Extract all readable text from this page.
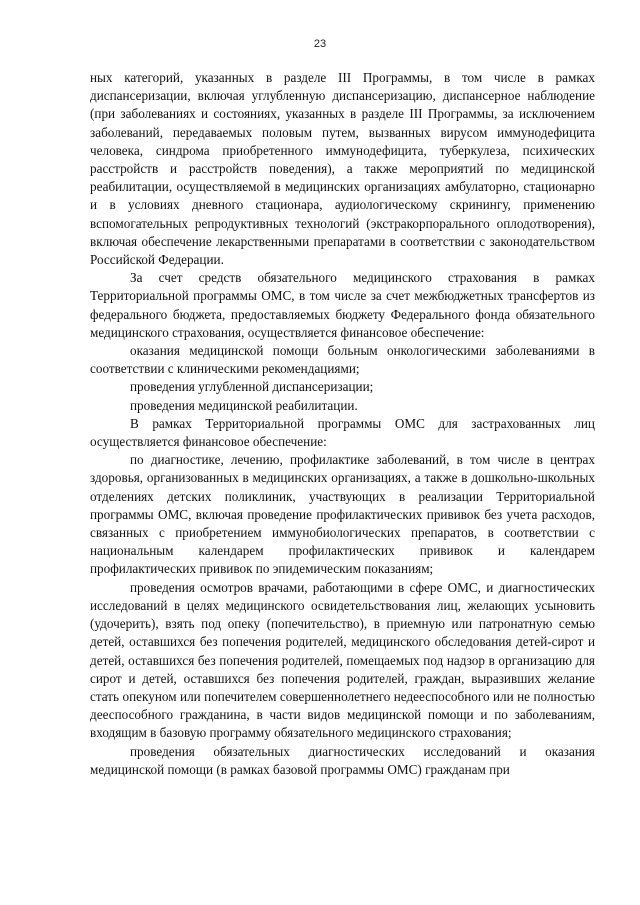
23

ных категорий, указанных в разделе III Программы, в том числе в рамках диспансеризации, включая углубленную диспансеризацию, диспансерное наблюдение (при заболеваниях и состояниях, указанных в разделе III Программы, за исключением заболеваний, передаваемых половым путем, вызванных вирусом иммунодефицита человека, синдрома приобретенного иммунодефицита, туберкулеза, психических расстройств и расстройств поведения), а также мероприятий по медицинской реабилитации, осуществляемой в медицинских организациях амбулаторно, стационарно и в условиях дневного стационара, аудиологическому скринингу, применению вспомогательных репродуктивных технологий (экстракорпорального оплодотворения), включая обеспечение лекарственными препаратами в соответствии с законодательством Российской Федерации.

За счет средств обязательного медицинского страхования в рамках Территориальной программы ОМС, в том числе за счет межбюджетных трансфертов из федерального бюджета, предоставляемых бюджету Федерального фонда обязательного медицинского страхования, осуществляется финансовое обеспечение:

оказания медицинской помощи больным онкологическими заболеваниями в соответствии с клиническими рекомендациями;

проведения углубленной диспансеризации;

проведения медицинской реабилитации.

В рамках Территориальной программы ОМС для застрахованных лиц осуществляется финансовое обеспечение:

по диагностике, лечению, профилактике заболеваний, в том числе в центрах здоровья, организованных в медицинских организациях, а также в дошкольно-школьных отделениях детских поликлиник, участвующих в реализации Территориальной программы ОМС, включая проведение профилактических прививок без учета расходов, связанных с приобретением иммунобиологических препаратов, в соответствии с национальным календарем профилактических прививок и календарем профилактических прививок по эпидемическим показаниям;

проведения осмотров врачами, работающими в сфере ОМС, и диагностических исследований в целях медицинского освидетельствования лиц, желающих усыновить (удочерить), взять под опеку (попечительство), в приемную или патронатную семью детей, оставшихся без попечения родителей, медицинского обследования детей-сирот и детей, оставшихся без попечения родителей, помещаемых под надзор в организацию для сирот и детей, оставшихся без попечения родителей, граждан, выразивших желание стать опекуном или попечителем совершеннолетнего недееспособного или не полностью дееспособного гражданина, в части видов медицинской помощи и по заболеваниям, входящим в базовую программу обязательного медицинского страхования;

проведения обязательных диагностических исследований и оказания медицинской помощи (в рамках базовой программы ОМС) гражданам при
